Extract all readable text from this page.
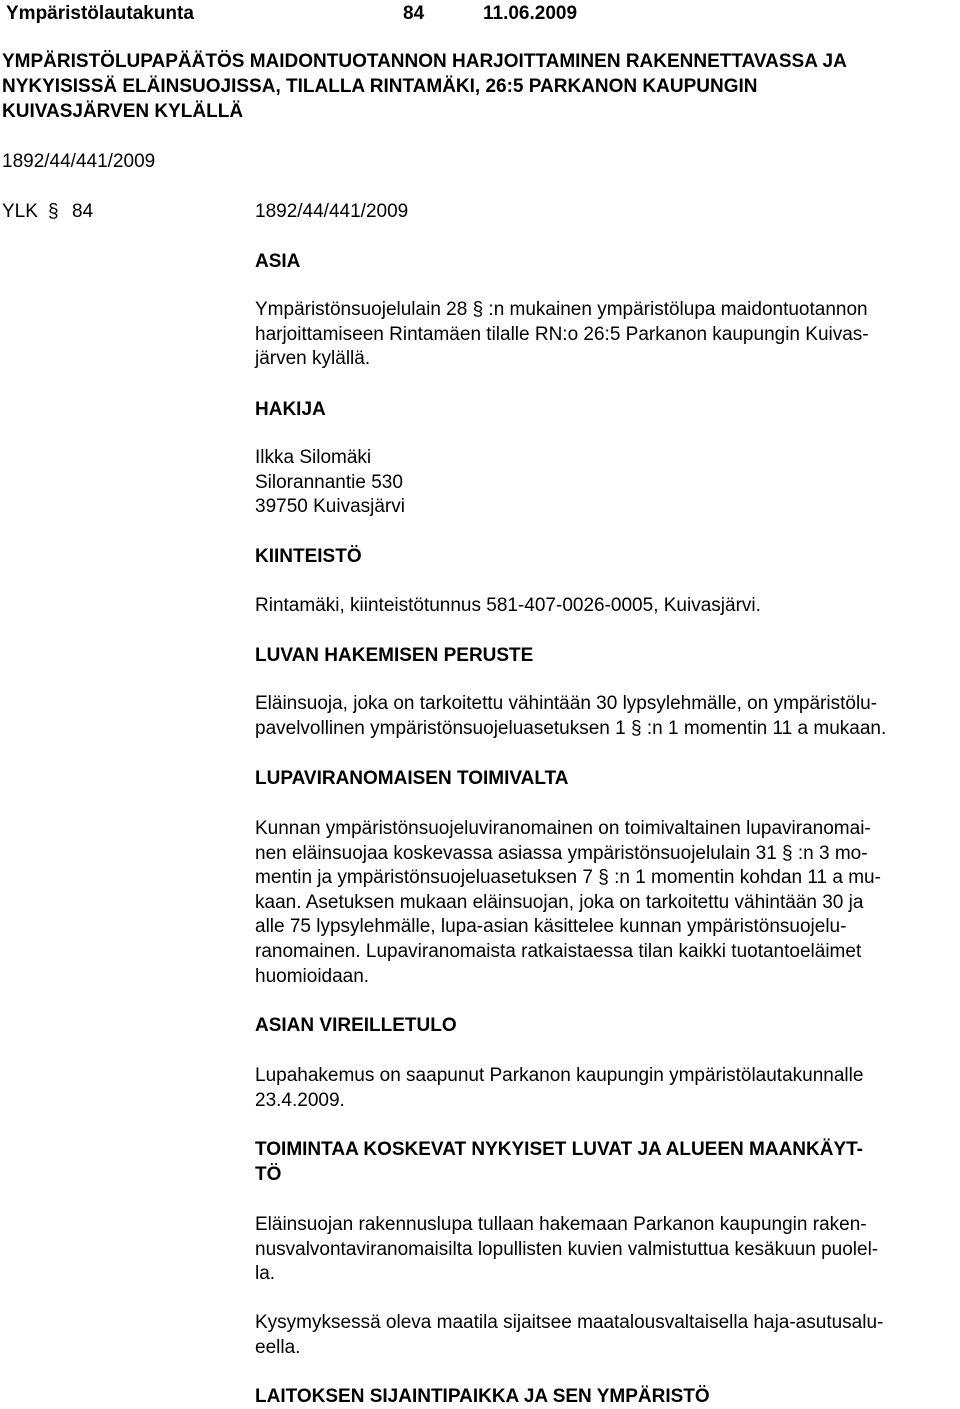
Ympäristölautakunta	84	11.06.2009
YMPÄRISTÖLUPAPÄÄTÖS MAIDONTUOTANNON HARJOITTAMINEN RAKENNETTAVASSA JA
NYKYISISSÄ ELÄINSUOJISSA, TILALLA RINTAMÄKI, 26:5 PARKANON KAUPUNGIN
KUIVASJÄRVEN KYLÄLLÄ
1892/44/441/2009
YLK § 84	1892/44/441/2009
ASIA
Ympäristönsuojelulain 28 § :n mukainen ympäristölupa maidontuotannon
harjoittamiseen Rintamäen tilalle RN:o 26:5 Parkanon kaupungin Kuivas-
järven kylällä.
HAKIJA
Ilkka Silomäki
Silorannantie 530
39750 Kuivasjärvi
KIINTEISTÖ
Rintamäki, kiinteistötunnus 581-407-0026-0005, Kuivasjärvi.
LUVAN HAKEMISEN PERUSTE
Eläinsuoja, joka on tarkoitettu vähintään 30 lypsylehmälle, on ympäristölu-
pavelvollinen ympäristönsuojeluasetuksen 1 § :n 1 momentin 11 a mukaan.
LUPAVIRANOMAISEN TOIMIVALTA
Kunnan ympäristönsuojeluviranomainen on toimivaltainen lupaviranomai-
nen eläinsuojaa koskevassa asiassa ympäristönsuojelulain 31 § :n 3 mo-
mentin ja ympäristönsuojeluasetuksen 7 § :n 1 momentin kohdan 11 a mu-
kaan. Asetuksen mukaan eläinsuojan, joka on tarkoitettu vähintään 30 ja
alle 75 lypsylehmälle, lupa-asian käsittelee kunnan ympäristönsuojelu-
ranomainen. Lupaviranomaista ratkaistaessa tilan kaikki tuotantoeläimet
huomioidaan.
ASIAN VIREILLETULO
Lupahakemus on saapunut Parkanon kaupungin ympäristölautakunnalle
23.4.2009.
TOIMINTAA KOSKEVAT NYKYISET LUVAT JA ALUEEN MAANKÄYT-
TÖ
Eläinsuojan rakennuslupa tullaan hakemaan Parkanon kaupungin raken-
nusvalvontaviranomaisilta lopullisten kuvien valmistuttua kesäkuun puolel-
la.
Kysymyksessä oleva maatila sijaitsee maatalousvaltaisella haja-asutusalu-
eella.
LAITOKSEN SIJAINTIPAIKKA JA SEN YMPÄRISTÖ
